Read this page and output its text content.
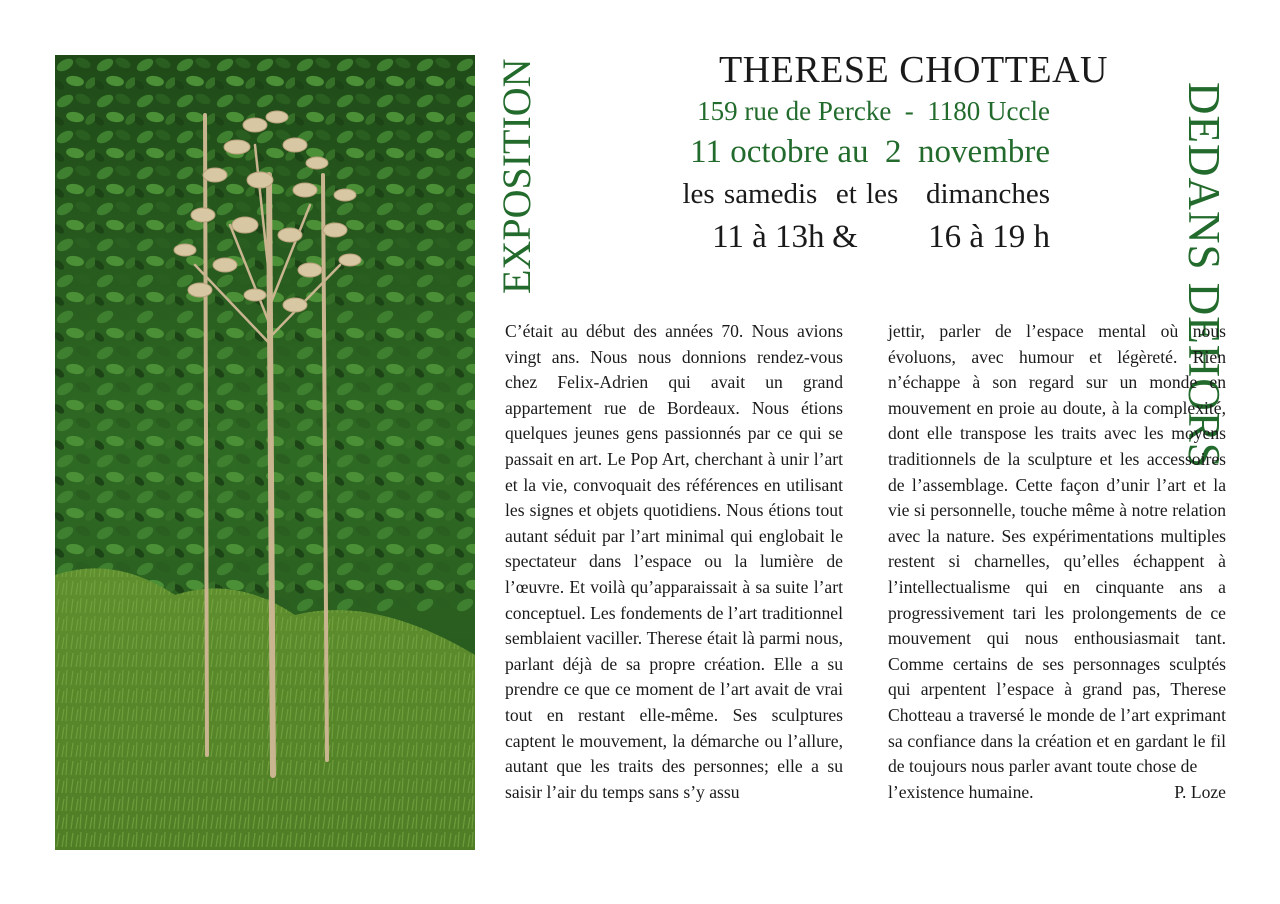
EXPOSITION	DEDANS DEHORS
THERESE CHOTTEAU
159 rue de Percke  -  1180 Uccle
11 octobre au  2  novembre
les samedis  et les   dimanches
11 à 13h & 16 à 19 h
C’était au début des années 70. Nous avions vingt ans. Nous nous donnions rendez-vous chez Felix-Adrien qui avait un grand appartement rue de Bordeaux. Nous étions quelques jeunes gens passionnés par ce qui se passait en art. Le Pop Art, cherchant à unir l’art et la vie, convoquait des références en utilisant les signes et objets quotidiens. Nous étions tout autant séduit par l’art minimal qui englobait le spectateur dans l’espace ou la lumière de l’œuvre. Et voilà qu’apparaissait à sa suite l’art conceptuel. Les fondements de l’art traditionnel semblaient vaciller. Therese était là parmi nous, parlant déjà de sa propre création. Elle a su prendre ce que ce moment de l’art avait de vrai tout en restant elle-même. Ses sculptures captent le mouvement, la démarche ou l’allure, autant que les traits des personnes; elle a su saisir l’air du temps sans s’y assu
jettir, parler de l’espace mental où nous évoluons, avec humour et légèreté. Rien n’échappe à son regard sur un monde en mouvement en proie au doute, à la complexité, dont elle transpose les traits avec les moyens traditionnels de la sculpture et les accessoires de l’assemblage. Cette façon d’unir l’art et la vie si personnelle, touche même à notre relation avec la nature. Ses expérimentations multiples restent si charnelles, qu’elles échappent à l’intellectualisme qui en cinquante ans a progressivement tari les prolongements de ce mouvement qui nous enthousiasmait tant. Comme certains de ses personnages sculptés qui arpentent l’espace à grand pas, Therese Chotteau a traversé le monde de l’art exprimant sa confiance dans la création et en gardant le fil de toujours nous parler avant toute chose de
l’existence humaine.	P. Loze
